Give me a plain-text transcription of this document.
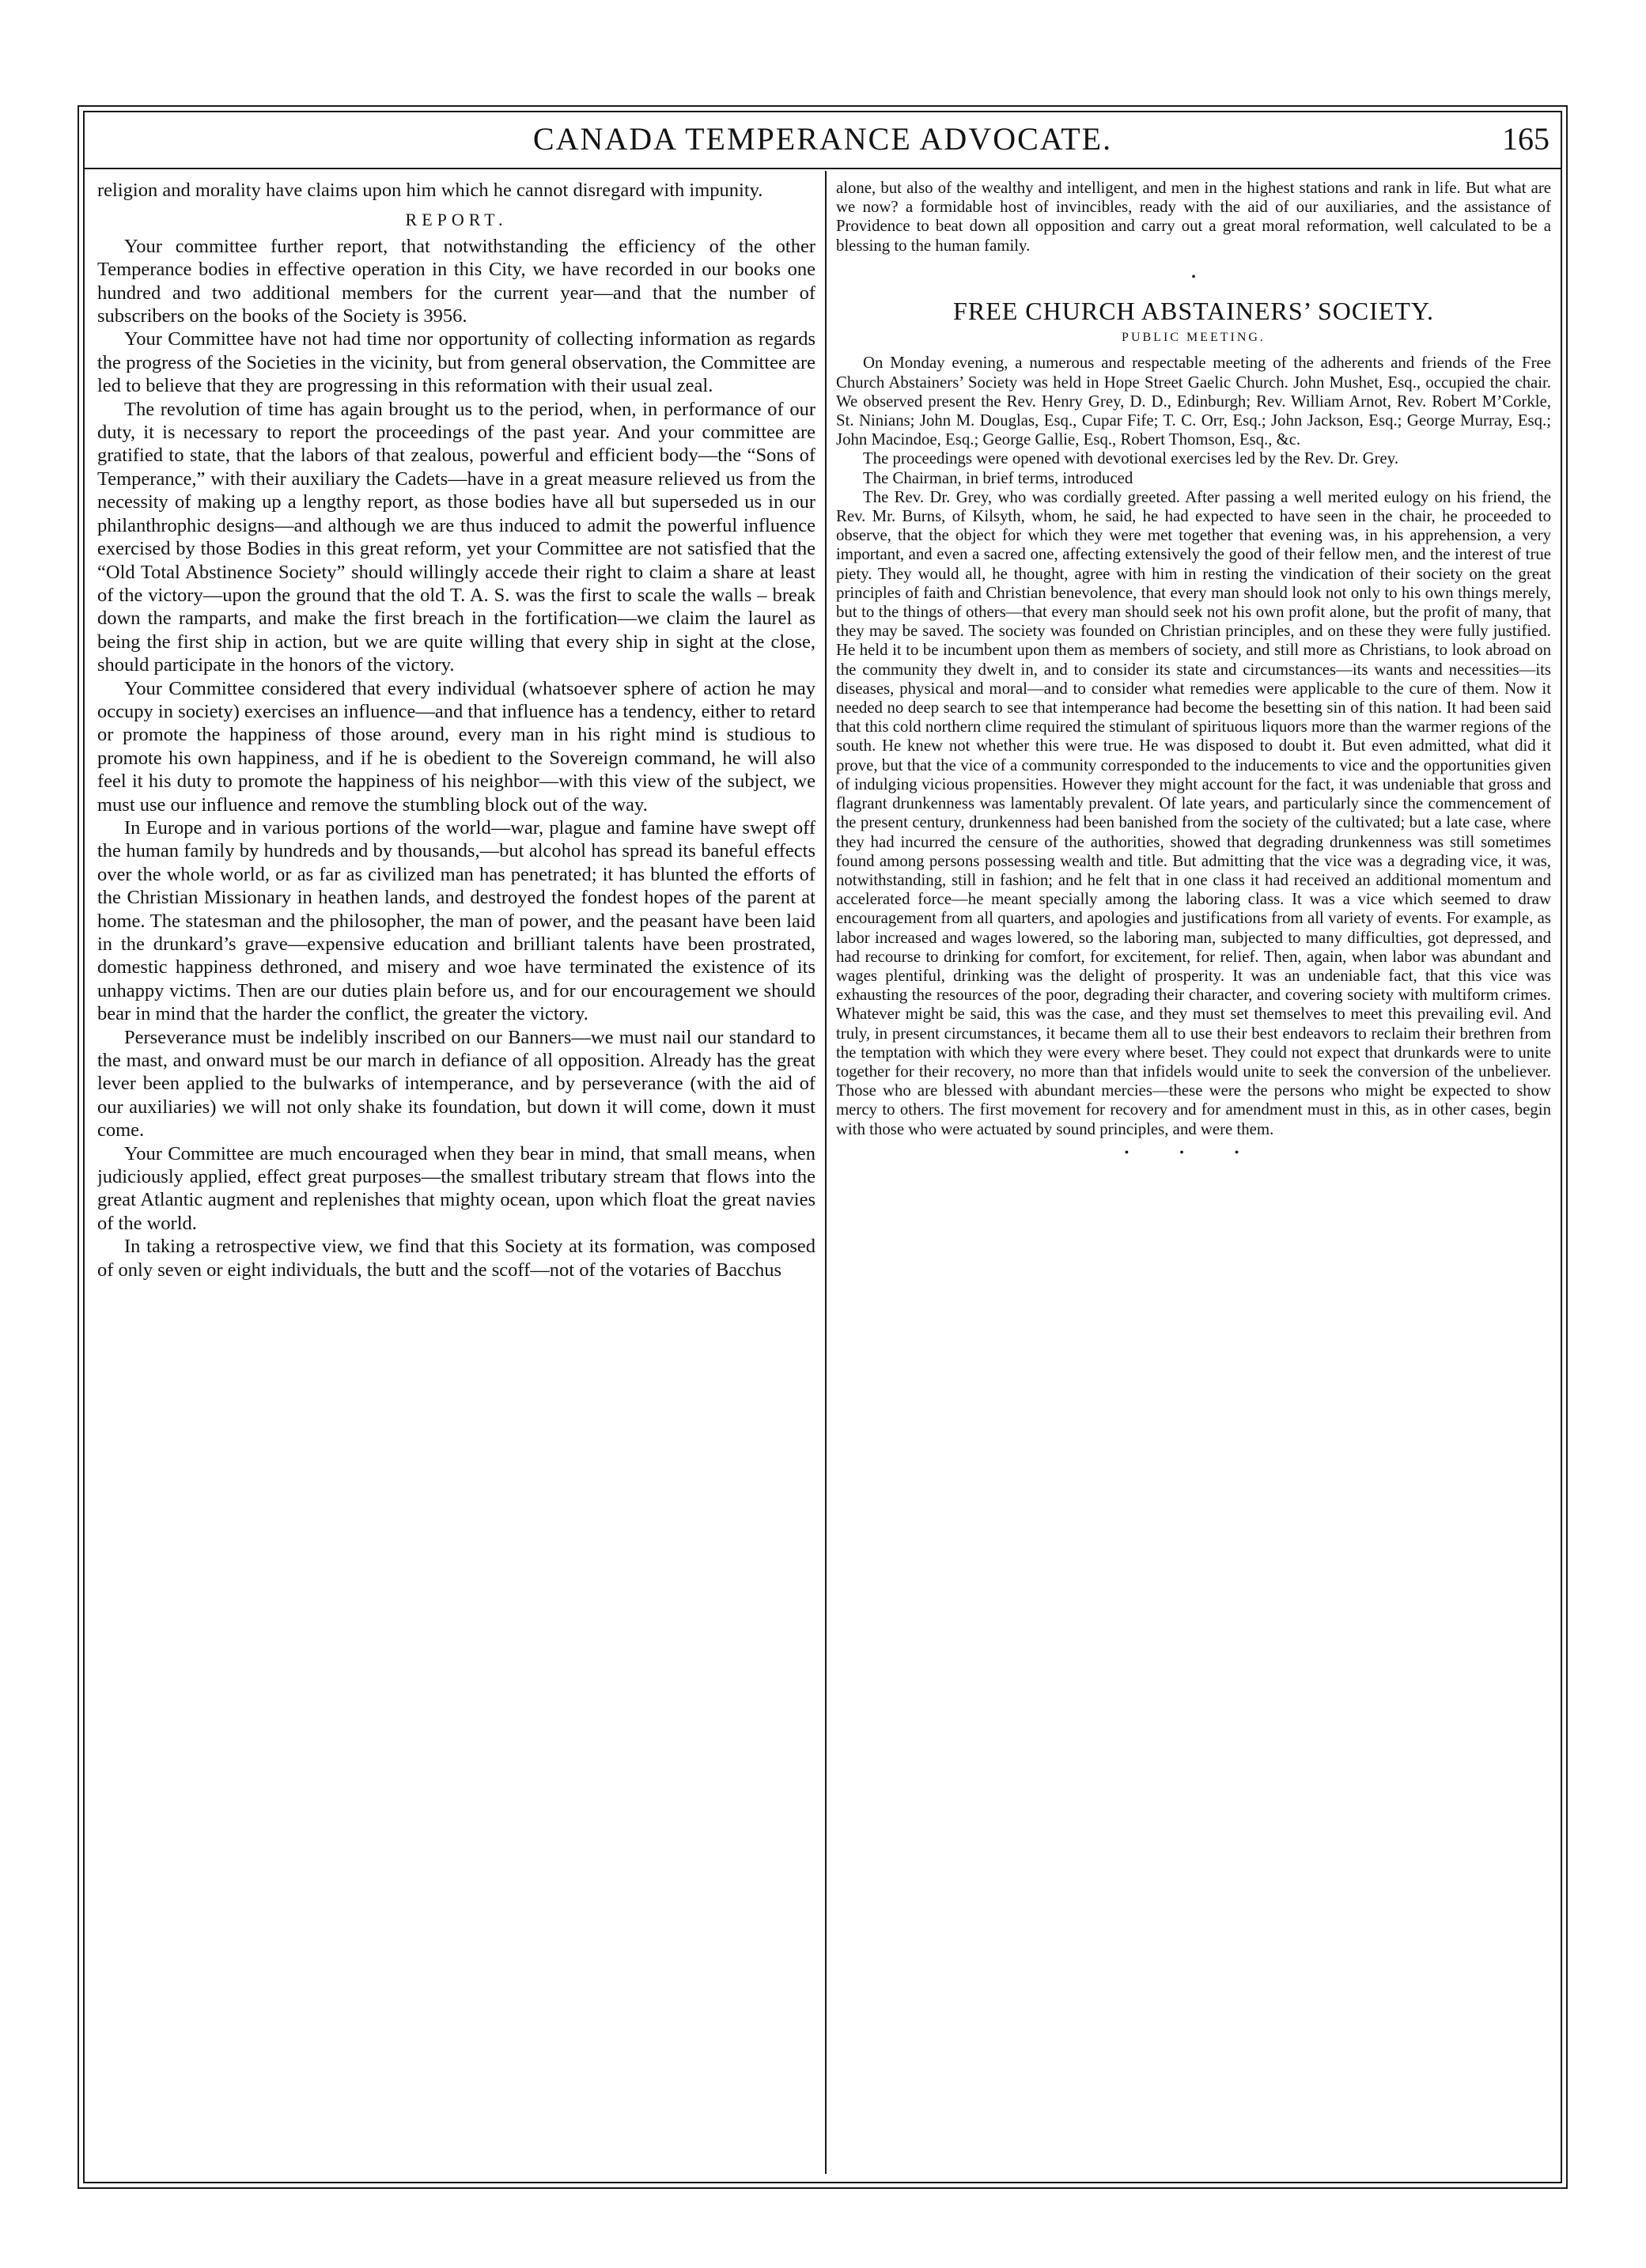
CANADA TEMPERANCE ADVOCATE.	165

religion and morality have claims upon him which he cannot disregard with impunity.

REPORT.

Your committee further report, that notwithstanding the efficiency of the other Temperance bodies in effective operation in this City, we have recorded in our books one hundred and two additional members for the current year—and that the number of subscribers on the books of the Society is 3956.

Your Committee have not had time nor opportunity of collecting information as regards the progress of the Societies in the vicinity, but from general observation, the Committee are led to believe that they are progressing in this reformation with their usual zeal.

The revolution of time has again brought us to the period, when, in performance of our duty, it is necessary to report the proceedings of the past year. And your committee are gratified to state, that the labors of that zealous, powerful and efficient body—the “Sons of Temperance,” with their auxiliary the Cadets—have in a great measure relieved us from the necessity of making up a lengthy report, as those bodies have all but superseded us in our philanthrophic designs—and although we are thus induced to admit the powerful influence exercised by those Bodies in this great reform, yet your Committee are not satisfied that the “Old Total Abstinence Society” should willingly accede their right to claim a share at least of the victory—upon the ground that the old T. A. S. was the first to scale the walls – break down the ramparts, and make the first breach in the fortification—we claim the laurel as being the first ship in action, but we are quite willing that every ship in sight at the close, should participate in the honors of the victory.

Your Committee considered that every individual (whatsoever sphere of action he may occupy in society) exercises an influence—and that influence has a tendency, either to retard or promote the happiness of those around, every man in his right mind is studious to promote his own happiness, and if he is obedient to the Sovereign command, he will also feel it his duty to promote the happiness of his neighbor—with this view of the subject, we must use our influence and remove the stumbling block out of the way.

In Europe and in various portions of the world—war, plague and famine have swept off the human family by hundreds and by thousands,—but alcohol has spread its baneful effects over the whole world, or as far as civilized man has penetrated; it has blunted the efforts of the Christian Missionary in heathen lands, and destroyed the fondest hopes of the parent at home. The statesman and the philosopher, the man of power, and the peasant have been laid in the drunkard’s grave—expensive education and brilliant talents have been prostrated, domestic happiness dethroned, and misery and woe have terminated the existence of its unhappy victims. Then are our duties plain before us, and for our encouragement we should bear in mind that the harder the conflict, the greater the victory.

Perseverance must be indelibly inscribed on our Banners—we must nail our standard to the mast, and onward must be our march in defiance of all opposition. Already has the great lever been applied to the bulwarks of intemperance, and by perseverance (with the aid of our auxiliaries) we will not only shake its foundation, but down it will come, down it must come.

Your Committee are much encouraged when they bear in mind, that small means, when judiciously applied, effect great purposes—the smallest tributary stream that flows into the great Atlantic augment and replenishes that mighty ocean, upon which float the great navies of the world.

In taking a retrospective view, we find that this Society at its formation, was composed of only seven or eight individuals, the butt and the scoff—not of the votaries of Bacchus

alone, but also of the wealthy and intelligent, and men in the highest stations and rank in life. But what are we now? a formidable host of invincibles, ready with the aid of our auxiliaries, and the assistance of Providence to beat down all opposition and carry out a great moral reformation, well calculated to be a blessing to the human family.

•
FREE CHURCH ABSTAINERS’ SOCIETY.
PUBLIC MEETING.

On Monday evening, a numerous and respectable meeting of the adherents and friends of the Free Church Abstainers’ Society was held in Hope Street Gaelic Church. John Mushet, Esq., occupied the chair. We observed present the Rev. Henry Grey, D. D., Edinburgh; Rev. William Arnot, Rev. Robert M’Corkle, St. Ninians; John M. Douglas, Esq., Cupar Fife; T. C. Orr, Esq.; John Jackson, Esq.; George Murray, Esq.; John Macindoe, Esq.; George Gallie, Esq., Robert Thomson, Esq., &c.

The proceedings were opened with devotional exercises led by the Rev. Dr. Grey.

The Chairman, in brief terms, introduced

The Rev. Dr. Grey, who was cordially greeted. After passing a well merited eulogy on his friend, the Rev. Mr. Burns, of Kilsyth, whom, he said, he had expected to have seen in the chair, he proceeded to observe, that the object for which they were met together that evening was, in his apprehension, a very important, and even a sacred one, affecting extensively the good of their fellow men, and the interest of true piety. They would all, he thought, agree with him in resting the vindication of their society on the great principles of faith and Christian benevolence, that every man should look not only to his own things merely, but to the things of others—that every man should seek not his own profit alone, but the profit of many, that they may be saved. The society was founded on Christian principles, and on these they were fully justified. He held it to be incumbent upon them as members of society, and still more as Christians, to look abroad on the community they dwelt in, and to consider its state and circumstances—its wants and necessities—its diseases, physical and moral—and to consider what remedies were applicable to the cure of them. Now it needed no deep search to see that intemperance had become the besetting sin of this nation. It had been said that this cold northern clime required the stimulant of spirituous liquors more than the warmer regions of the south. He knew not whether this were true. He was disposed to doubt it. But even admitted, what did it prove, but that the vice of a community corresponded to the inducements to vice and the opportunities given of indulging vicious propensities. However they might account for the fact, it was undeniable that gross and flagrant drunkenness was lamentably prevalent. Of late years, and particularly since the commencement of the present century, drunkenness had been banished from the society of the cultivated; but a late case, where they had incurred the censure of the authorities, showed that degrading drunkenness was still sometimes found among persons possessing wealth and title. But admitting that the vice was a degrading vice, it was, notwithstanding, still in fashion; and he felt that in one class it had received an additional momentum and accelerated force—he meant specially among the laboring class. It was a vice which seemed to draw encouragement from all quarters, and apologies and justifications from all variety of events. For example, as labor increased and wages lowered, so the laboring man, subjected to many difficulties, got depressed, and had recourse to drinking for comfort, for excitement, for relief. Then, again, when labor was abundant and wages plentiful, drinking was the delight of prosperity. It was an undeniable fact, that this vice was exhausting the resources of the poor, degrading their character, and covering society with multiform crimes. Whatever might be said, this was the case, and they must set themselves to meet this prevailing evil. And truly, in present circumstances, it became them all to use their best endeavors to reclaim their brethren from the temptation with which they were every where beset. They could not expect that drunkards were to unite together for their recovery, no more than that infidels would unite to seek the conversion of the unbeliever. Those who are blessed with abundant mercies—these were the persons who might be expected to show mercy to others. The first movement for recovery and for amendment must in this, as in other cases, begin with those who were actuated by sound principles, and were them.

• • •
